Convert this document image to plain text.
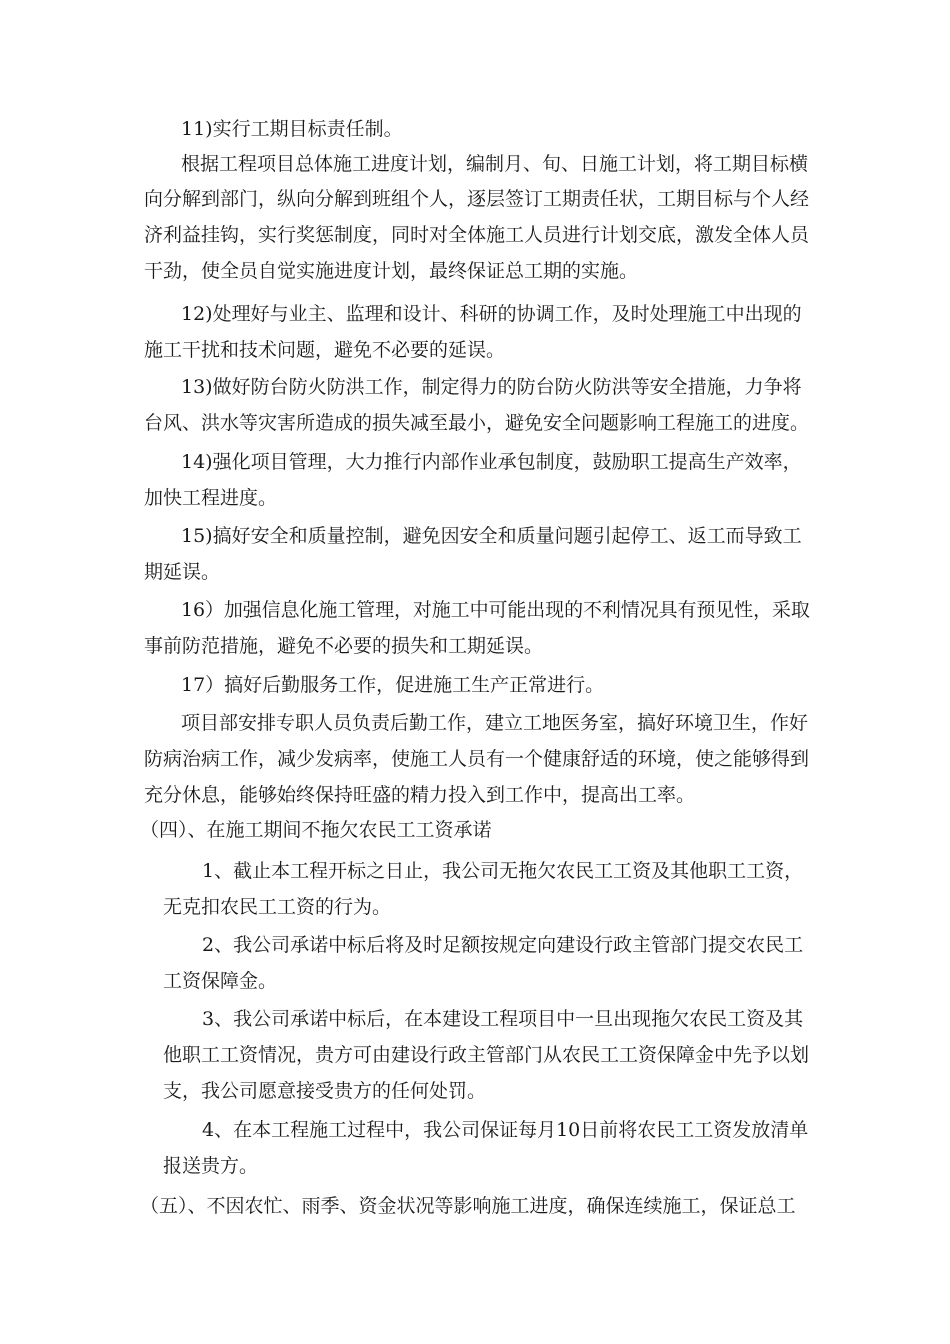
11)实行工期目标责任制。
根据工程项目总体施工进度计划，编制月、旬、日施工计划，将工期目标横
向分解到部门，纵向分解到班组个人，逐层签订工期责任状，工期目标与个人经
济利益挂钩，实行奖惩制度，同时对全体施工人员进行计划交底，激发全体人员
干劲，使全员自觉实施进度计划，最终保证总工期的实施。
12)处理好与业主、监理和设计、科研的协调工作，及时处理施工中出现的
施工干扰和技术问题，避免不必要的延误。
13)做好防台防火防洪工作，制定得力的防台防火防洪等安全措施，力争将
台风、洪水等灾害所造成的损失减至最小，避免安全问题影响工程施工的进度。
14)强化项目管理，大力推行内部作业承包制度，鼓励职工提高生产效率，
加快工程进度。
15)搞好安全和质量控制，避免因安全和质量问题引起停工、返工而导致工
期延误。
16）加强信息化施工管理，对施工中可能出现的不利情况具有预见性，采取
事前防范措施，避免不必要的损失和工期延误。
17）搞好后勤服务工作，促进施工生产正常进行。
项目部安排专职人员负责后勤工作，建立工地医务室，搞好环境卫生，作好
防病治病工作，减少发病率，使施工人员有一个健康舒适的环境，使之能够得到
充分休息，能够始终保持旺盛的精力投入到工作中，提高出工率。
（四）、在施工期间不拖欠农民工工资承诺
1、截止本工程开标之日止，我公司无拖欠农民工工资及其他职工工资，
无克扣农民工工资的行为。
2、我公司承诺中标后将及时足额按规定向建设行政主管部门提交农民工
工资保障金。
3、我公司承诺中标后，在本建设工程项目中一旦出现拖欠农民工资及其
他职工工资情况，贵方可由建设行政主管部门从农民工工资保障金中先予以划
支，我公司愿意接受贵方的任何处罚。
4、在本工程施工过程中，我公司保证每月10日前将农民工工资发放清单
报送贵方。
（五）、不因农忙、雨季、资金状况等影响施工进度，确保连续施工，保证总工
